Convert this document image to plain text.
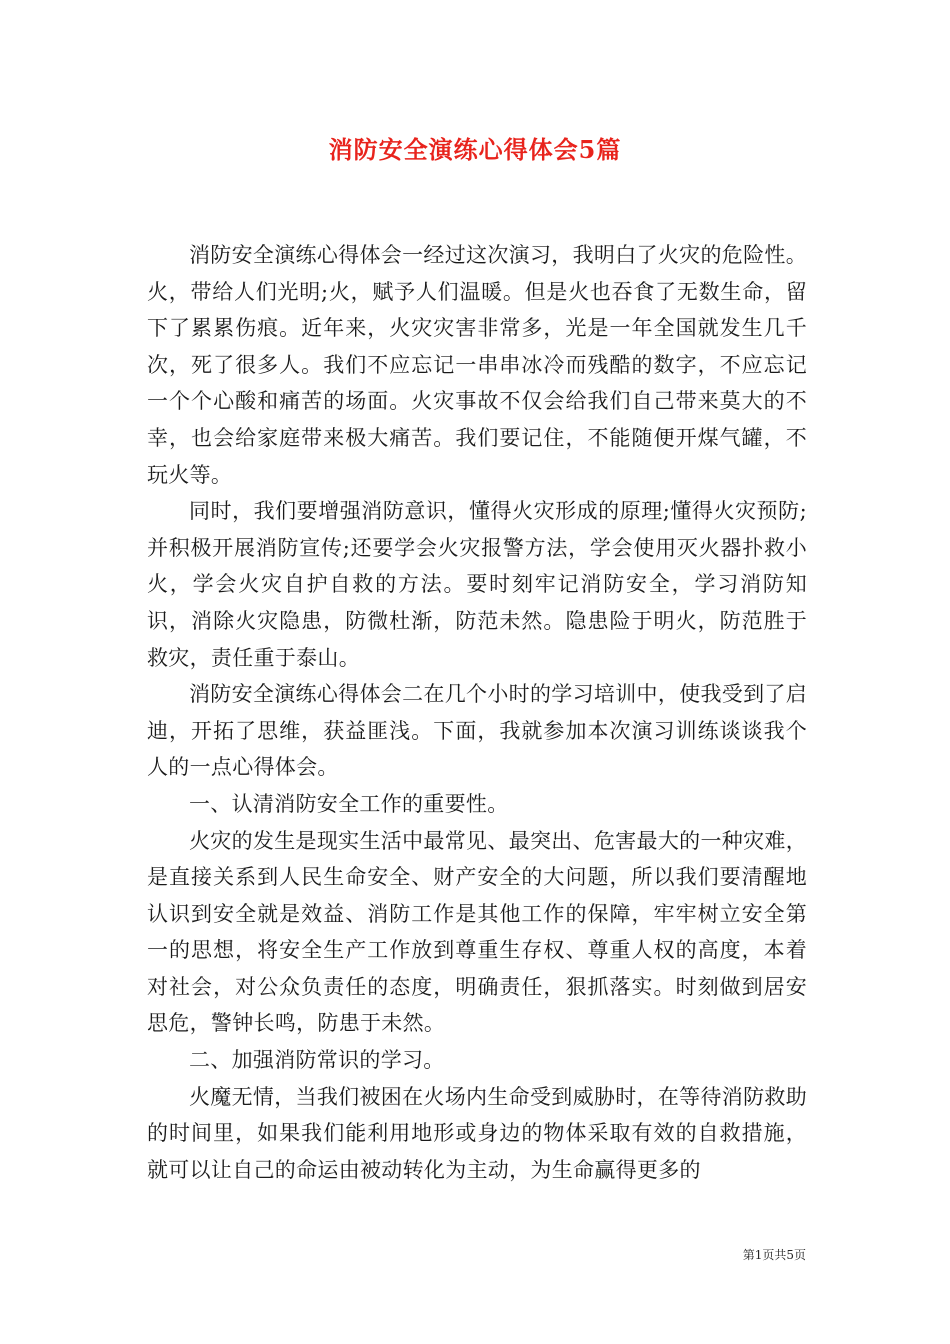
消防安全演练心得体会5篇

消防安全演练心得体会一经过这次演习，我明白了火灾的危险性。火，带给人们光明;火，赋予人们温暖。但是火也吞食了无数生命，留下了累累伤痕。近年来，火灾灾害非常多，光是一年全国就发生几千次，死了很多人。我们不应忘记一串串冰冷而残酷的数字，不应忘记一个个心酸和痛苦的场面。火灾事故不仅会给我们自己带来莫大的不幸，也会给家庭带来极大痛苦。我们要记住，不能随便开煤气罐，不玩火等。

同时，我们要增强消防意识，懂得火灾形成的原理;懂得火灾预防;并积极开展消防宣传;还要学会火灾报警方法，学会使用灭火器扑救小火，学会火灾自护自救的方法。要时刻牢记消防安全，学习消防知识，消除火灾隐患，防微杜渐，防范未然。隐患险于明火，防范胜于救灾，责任重于泰山。

消防安全演练心得体会二在几个小时的学习培训中，使我受到了启迪，开拓了思维，获益匪浅。下面，我就参加本次演习训练谈谈我个人的一点心得体会。

一、认清消防安全工作的重要性。

火灾的发生是现实生活中最常见、最突出、危害最大的一种灾难，是直接关系到人民生命安全、财产安全的大问题，所以我们要清醒地认识到安全就是效益、消防工作是其他工作的保障，牢牢树立安全第一的思想，将安全生产工作放到尊重生存权、尊重人权的高度，本着对社会，对公众负责任的态度，明确责任，狠抓落实。时刻做到居安思危，警钟长鸣，防患于未然。

二、加强消防常识的学习。

火魔无情，当我们被困在火场内生命受到威胁时，在等待消防救助的时间里，如果我们能利用地形或身边的物体采取有效的自救措施，就可以让自己的命运由被动转化为主动，为生命赢得更多的

第1页共5页
